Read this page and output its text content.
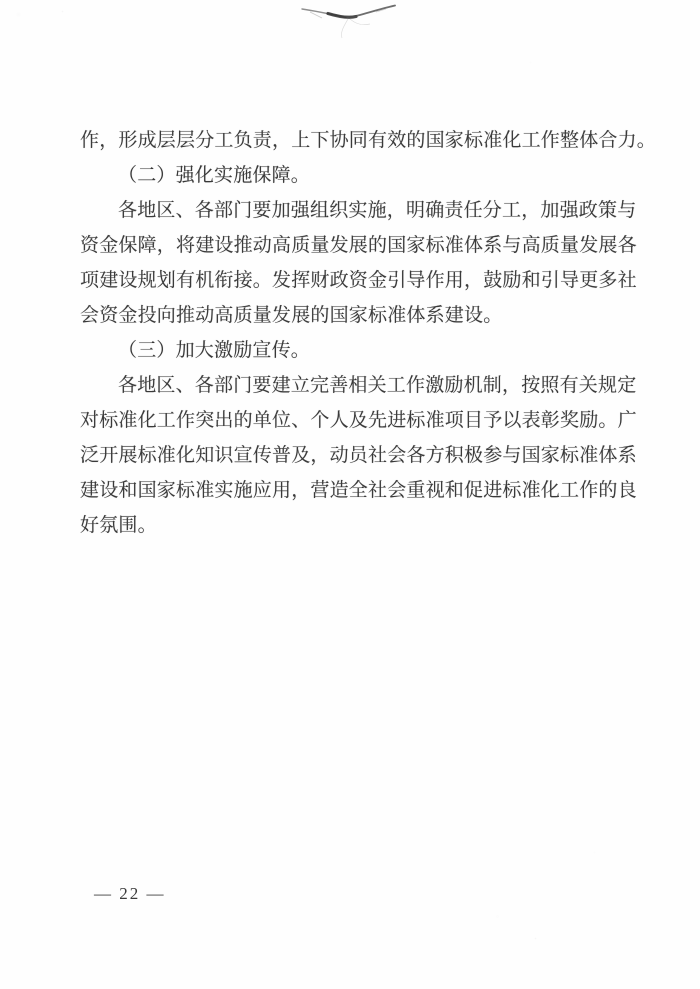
作，形成层层分工负责，上下协同有效的国家标准化工作整体合力。
（二）强化实施保障。
各地区、各部门要加强组织实施，明确责任分工，加强政策与
资金保障，将建设推动高质量发展的国家标准体系与高质量发展各
项建设规划有机衔接。发挥财政资金引导作用，鼓励和引导更多社
会资金投向推动高质量发展的国家标准体系建设。
（三）加大激励宣传。
各地区、各部门要建立完善相关工作激励机制，按照有关规定
对标准化工作突出的单位、个人及先进标准项目予以表彰奖励。广
泛开展标准化知识宣传普及，动员社会各方积极参与国家标准体系
建设和国家标准实施应用，营造全社会重视和促进标准化工作的良
好氛围。
— 22 —
